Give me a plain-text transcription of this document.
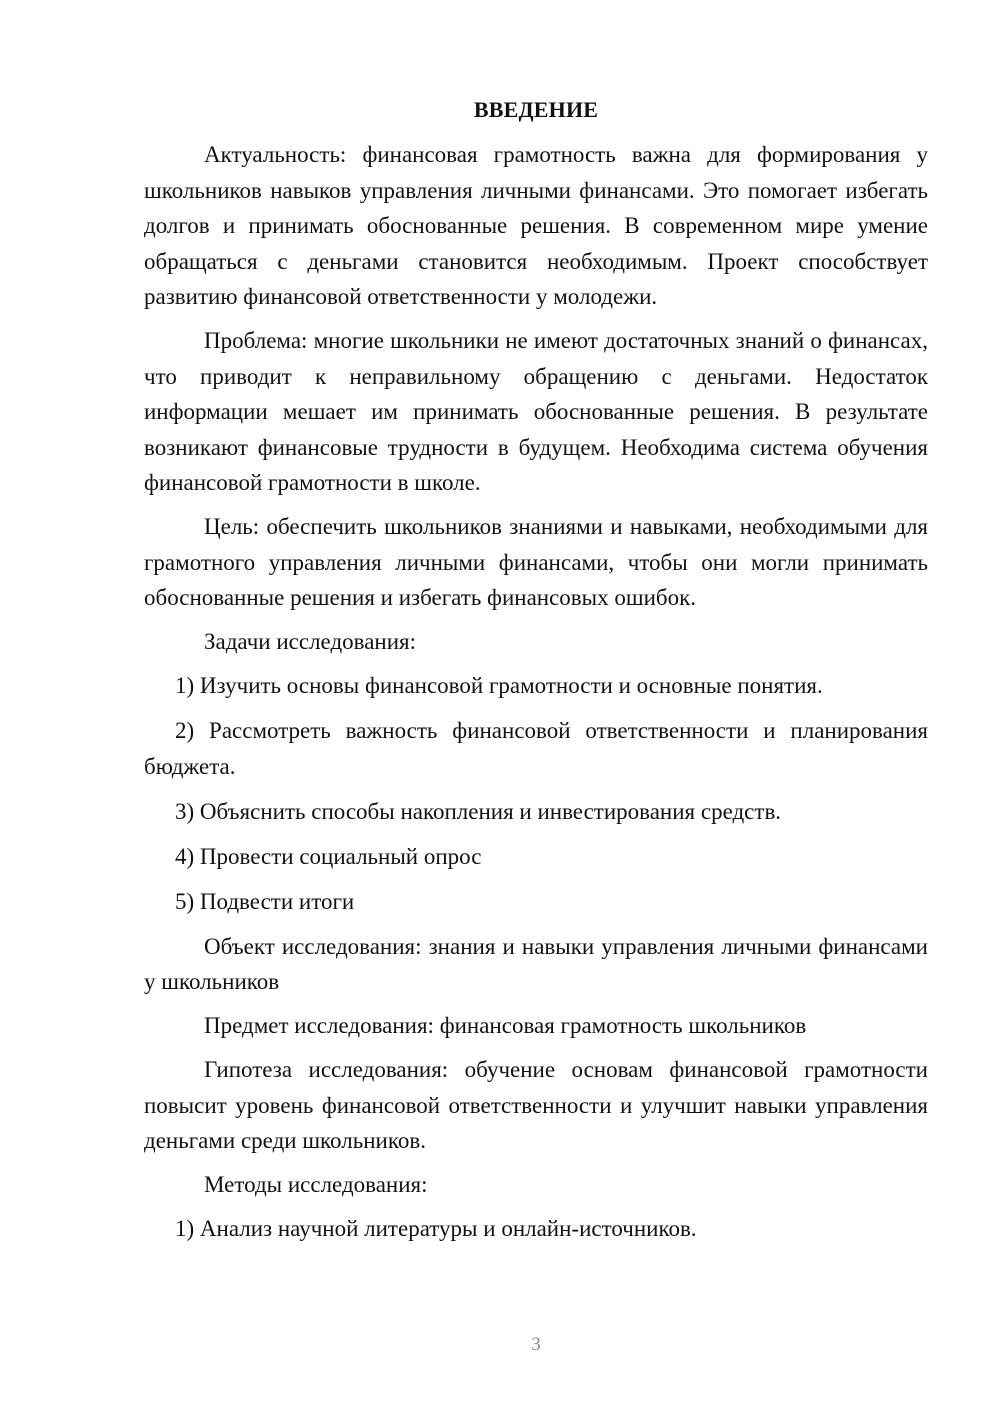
ВВЕДЕНИЕ

Актуальность: финансовая грамотность важна для формирования у школьников навыков управления личными финансами. Это помогает избегать долгов и принимать обоснованные решения. В современном мире умение обращаться с деньгами становится необходимым. Проект способствует развитию финансовой ответственности у молодежи.

Проблема: многие школьники не имеют достаточных знаний о финансах, что приводит к неправильному обращению с деньгами. Недостаток информации мешает им принимать обоснованные решения. В результате возникают финансовые трудности в будущем. Необходима система обучения финансовой грамотности в школе.

Цель: обеспечить школьников знаниями и навыками, необходимыми для грамотного управления личными финансами, чтобы они могли принимать обоснованные решения и избегать финансовых ошибок.

Задачи исследования:

1) Изучить основы финансовой грамотности и основные понятия.
2) Рассмотреть важность финансовой ответственности и планирования бюджета.
3) Объяснить способы накопления и инвестирования средств.
4) Провести социальный опрос
5) Подвести итоги

Объект исследования: знания и навыки управления личными финансами у школьников

Предмет исследования: финансовая грамотность школьников

Гипотеза исследования: обучение основам финансовой грамотности повысит уровень финансовой ответственности и улучшит навыки управления деньгами среди школьников.

Методы исследования:

1) Анализ научной литературы и онлайн-источников.
3
